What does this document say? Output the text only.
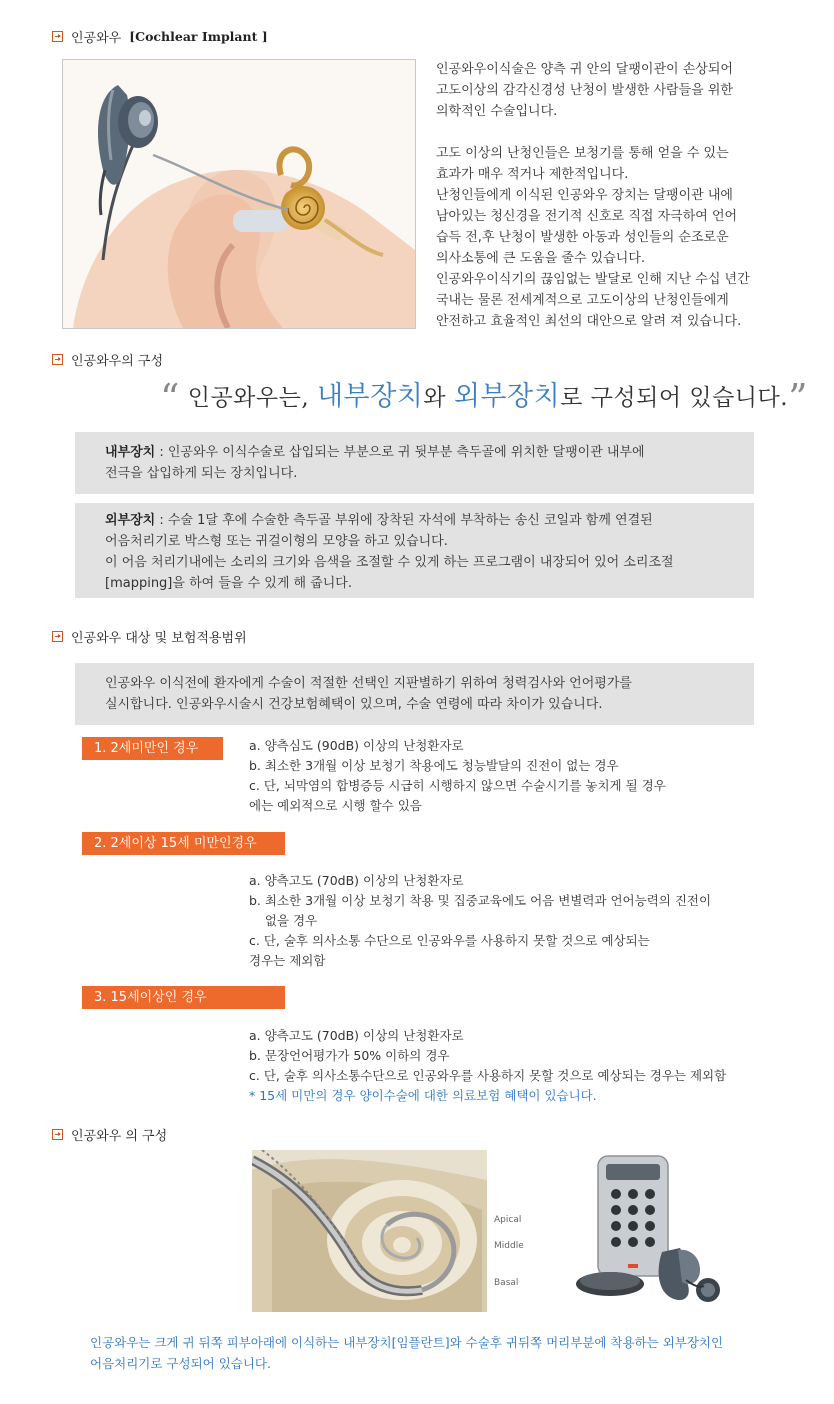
인공와우 [Cochlear Implant ]
인공와우이식술은 양측 귀 안의 달팽이관이 손상되어
고도이상의 감각신경성 난청이 발생한 사람들을 위한
의학적인 수술입니다.
고도 이상의 난청인들은 보청기를 통해 얻을 수 있는
효과가 매우 적거나 제한적입니다.
난청인들에게 이식된 인공와우 장치는 달팽이관 내에
남아있는 청신경을 전기적 신호로 직접 자극하여 언어
습득 전,후 난청이 발생한 아동과 성인들의 순조로운
의사소통에 큰 도움을 줄수 있습니다.
인공와우이식기의 끊임없는 발달로 인해 지난 수십 년간
국내는 물론 전세계적으로 고도이상의 난청인들에게
안전하고 효율적인 최선의 대안으로 알려 져 있습니다.
인공와우의 구성
“ 인공와우는, 내부장치와 외부장치로 구성되어 있습니다.”
내부장치 : 인공와우 이식수술로 삽입되는 부분으로 귀 뒷부분 측두골에 위치한 달팽이관 내부에
전극을 삽입하게 되는 장치입니다.
외부장치 : 수술 1달 후에 수술한 측두골 부위에 장착된 자석에 부착하는 송신 코일과 함께 연결된
어음처리기로 박스형 또는 귀걸이형의 모양을 하고 있습니다.
이 어음 처리기내에는 소리의 크기와 음색을 조절할 수 있게 하는 프로그램이 내장되어 있어 소리조절
[mapping]을 하여 들을 수 있게 해 줍니다.
인공와우 대상 및 보험적용범위
인공와우 이식전에 환자에게 수술이 적절한 선택인 지판별하기 위하여 청력검사와 언어평가를
실시합니다. 인공와우시술시 건강보험혜택이 있으며, 수술 연령에 따라 차이가 있습니다.
1. 2세미만인 경우	a. 양측심도 (90dB) 이상의 난청환자로
b. 최소한 3개월 이상 보청기 착용에도 청능발달의 진전이 없는 경우
c. 단, 뇌막염의 합병증등 시급히 시행하지 않으면 수술시기를 놓치게 될 경우
에는 예외적으로 시행 할수 있음
2. 2세이상 15세 미만인경우
a. 양측고도 (70dB) 이상의 난청환자로
b. 최소한 3개월 이상 보청기 착용 및 집중교육에도 어음 변별력과 언어능력의 진전이
없을 경우
c. 단, 술후 의사소통 수단으로 인공와우를 사용하지 못할 것으로 예상되는
경우는 제외함
3. 15세이상인 경우
a. 양측고도 (70dB) 이상의 난청환자로
b. 문장언어평가가 50% 이하의 경우
c. 단, 술후 의사소통수단으로 인공와우를 사용하지 못할 것으로 예상되는 경우는 제외함
* 15세 미만의 경우 양이수술에 대한 의료보험 혜택이 있습니다.
인공와우 의 구성
Apical
Middle
Basal
인공와우는 크게 귀 뒤쪽 피부아래에 이식하는 내부장치[임플란트]와 수술후 귀뒤쪽 머리부분에 착용하는 외부장치인
어음처리기로 구성되어 있습니다.
